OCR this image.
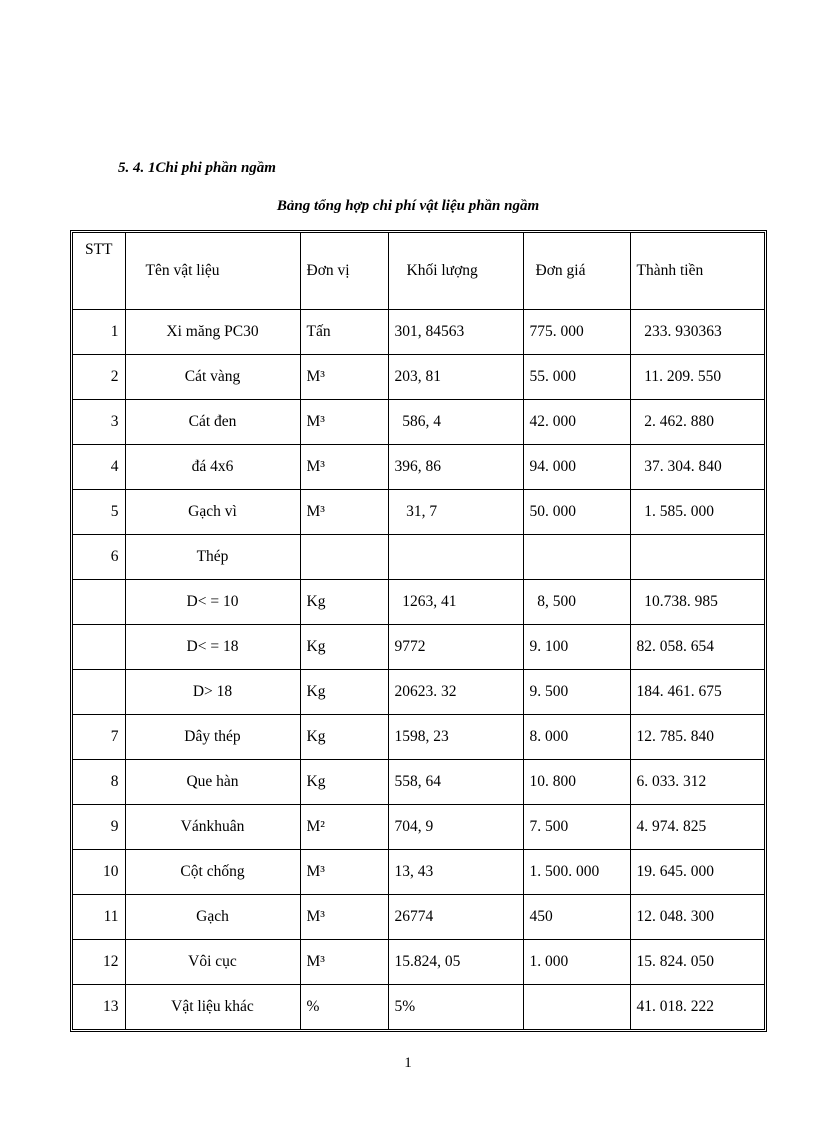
5. 4. 1Chi phi phần ngầm
Bảng tổng hợp chi phí vật liệu phần ngầm
STT	Tên vật liệu	Đơn vị	Khối lượng	Đơn giá	Thành tiền
1	Xi măng PC30	Tấn	301, 84563	775. 000	233. 930363
2	Cát vàng	M³	203, 81	55. 000	11. 209. 550
3	Cát đen	M³	586, 4	42. 000	2. 462. 880
4	đá 4x6	M³	396, 86	94. 000	37. 304. 840
5	Gạch vì	M³	31, 7	50. 000	1. 585. 000
6	Thép				
	D< = 10	Kg	1263, 41	8, 500	10.738. 985
	D< = 18	Kg	9772	9. 100	82. 058. 654
	D> 18	Kg	20623. 32	9. 500	184. 461. 675
7	Dây thép	Kg	1598, 23	8. 000	12. 785. 840
8	Que hàn	Kg	558, 64	10. 800	6. 033. 312
9	Vánkhuân	M²	704, 9	7. 500	4. 974. 825
10	Cột chống	M³	13, 43	1. 500. 000	19. 645. 000
11	Gạch	M³	26774	450	12. 048. 300
12	Vôi cục	M³	15.824, 05	1. 000	15. 824. 050
13	Vật liệu khác	%	5%		41. 018. 222
1
